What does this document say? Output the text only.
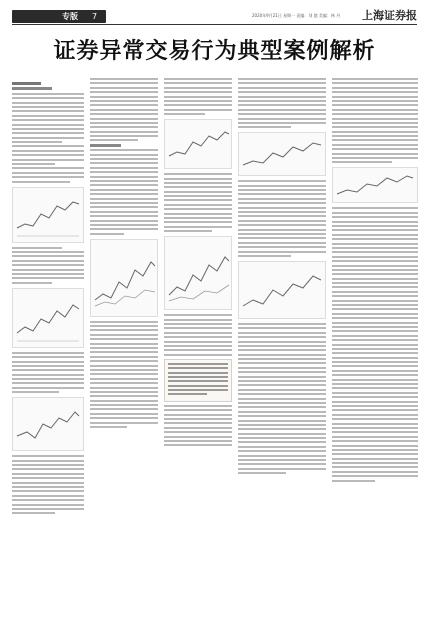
专版 7	2020年9月21日 星期一 责编：刘 越 美编：林 丹 上海证券报
证券异常交易行为典型案例解析
